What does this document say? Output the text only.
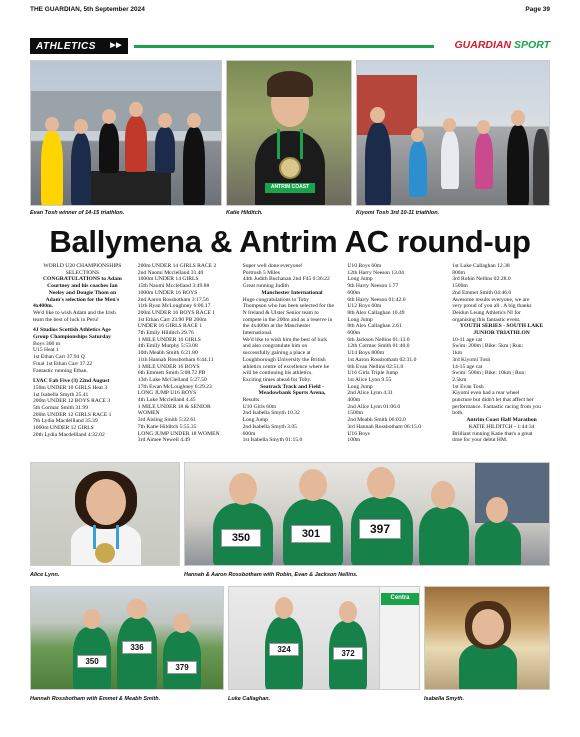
THE GUARDIAN, 5th September 2024	Page 39
ATHLETICS ▶▶	GUARDIAN SPORT
Evan Tosh winner of 14-15 triathlon.
ANTRIM COAST
Katie Hilditch.	Kiyomi Tosh 3rd 10-11 triathlon.
Ballymena & Antrim AC round-up
WORLD U20 CHAMPIONSHIPS
SELECTIONS
CONGRATULATIONS to Adam
Courtney and his coaches Ian
Neeley and Dougie Thom on
Adam's selection for the Men's
4x400m.
We'd like to wish Adam and the Irish
team the best of luck in Peru!
4J Studios Scottish Athletics Age
Group Championships Saturday
Boys 300 m
U15 Heat 1
1st Ethan Carr 37.94 Q
Final 1st Ethan Carr 37.22
Fantastic running Ethan.
LVAC Fab Five (3) 22nd August
150m UNDER 10 GIRLS Heat 3
1st Isabella Smyth 25.41
200m UNDER 12 BOYS RACE 3
5th Cormac Smith 31.99
200m UNDER 12 GIRLS RACE 1
7th Lydia Macdellland 35.39
1000m UNDER 12 GIRLS
20th Lydia Macdellland 4:32.02
200m UNDER 14 GIRLS RACE 2
2nd Naomi Mcclelland 31.40
1000m UNDER 14 GIRLS
15th Naomi Mcclelland 3:49.88
1000m UNDER 16 BOYS
2nd Aaron Rossbotham 3:17.56
11th Ryan McLoughney 6:06.17
200m UNDER 16 BOYS RACE 1
1st Ethan Carr 23.90 PB 200m
UNDER 16 GIRLS RACE 1
7th Emily Hilditch 29.76
1 MILE UNDER 16 GIRLS
4th Emily Murphy 5:53.08
10th Meabh Smith 6:21.80
11th Hannah Rossbotham 6:44.11
1 MILE UNDER 16 BOYS
6th Emmett Smith 5:08.72 PB
13th Luke McClelland 5:27.50
17th Ewan McLoughney 6:29.23
LONG JUMP U16 BOYS
4th Luke Mcclelland 4.45
1 MILE UNDER 18 & SENIOR
WOMEN
3rd Aisling Smith 5:22.61
7th Katie Hilditch 5:55.35
LONG JUMP UNDER 18 WOMEN
3rd Aimee Newell 4.49
Super well done everyone!
Portrush 5 Miles
44th Judith Buchanan 2nd F45 0:36:22
Great running Judith
Manchester International
Huge congratulations to Toby
Thompson who has been selected for the
N Ireland & Ulster Senior team to
compete in the 200m and as a reserve in
the 4x400m at the Manchester
International.
We'd like to wish him the best of luck
and also congratulate him on
successfully gaining a place at
Loughborough University the British
athletics centre of excellence where he
will be continuing his athletics.
Exciting times ahead for Toby.
Seatrack Track and Field -
Meadowbank Sports Arena,
Results
U10 Girls 60m
2nd Isabella Smyth 10.32
Long Jump
2nd Isabella Smyth 3.05
600m
1st Isabella Smyth 01:15.0
U10 Boys 60m
12th Harry Neeson 13.04
Long Jump
9th Harry Neeson 1.77
600m
6th Harry Neeson 01:42.0
U12 Boys 60m
8th Alex Callaghan 10.49
Long Jump
8th Alex Callaghan 2.61
600m
6th Jackson Nellins 01:13.0
12th Cormac Smith 01:40.0
U14 Boys 800m
1st Aaron Rossbotham 02:31.0
6th Evan Nellins 02:51.0
U16 Girls Triple Jump
1st Alice Lynn 9.55
Long Jump
2nd Alice Lynn 4.31
400m
2nd Alice Lynn 01:06.0
1500m
2nd Meabh Smith 06:03.0
3rd Hannah Rossbotham 06:15.0
U16 Boys
100m
1st Luke Callaghan 12.38
800m
3rd Robin Nellins 02:28.0
1500m
2nd Emmet Smith 04:46.0
Awesome results everyone, we are
very proud of you all . A big thanks
Deidun Leung Athletics NI for
organising this fantastic event.
YOUTH SERIES - SOUTH LAKE
JUNIOR TRIATHLON
10-11 age cat
Swim: 200m | Bike: 5km | Run:
1km
3rd Kiyomi Tosh
14-15 age cat
Swim: 500m | Bike: 10km | Run:
2.5km
1st Evan Tosh
Kiyomi even had a rear wheel
puncture but didn't let that affect her
performance. Fantastic racing from you
both.
Antrim Coast Half Marathon
KATIE HILDITCH - 1:44:34
Brilliant running Katie that's a great
time for your debut HM.
Alice Lynn.
350	301	397
Hannah & Aaron Rossbotham with Robin, Evan & Jackson Nellins.
350
336
379
Hannah Rossbotham with Emmet & Meabh Smith.
Centra
324	372
Luke Callaghan.	Isabella Smyth.
